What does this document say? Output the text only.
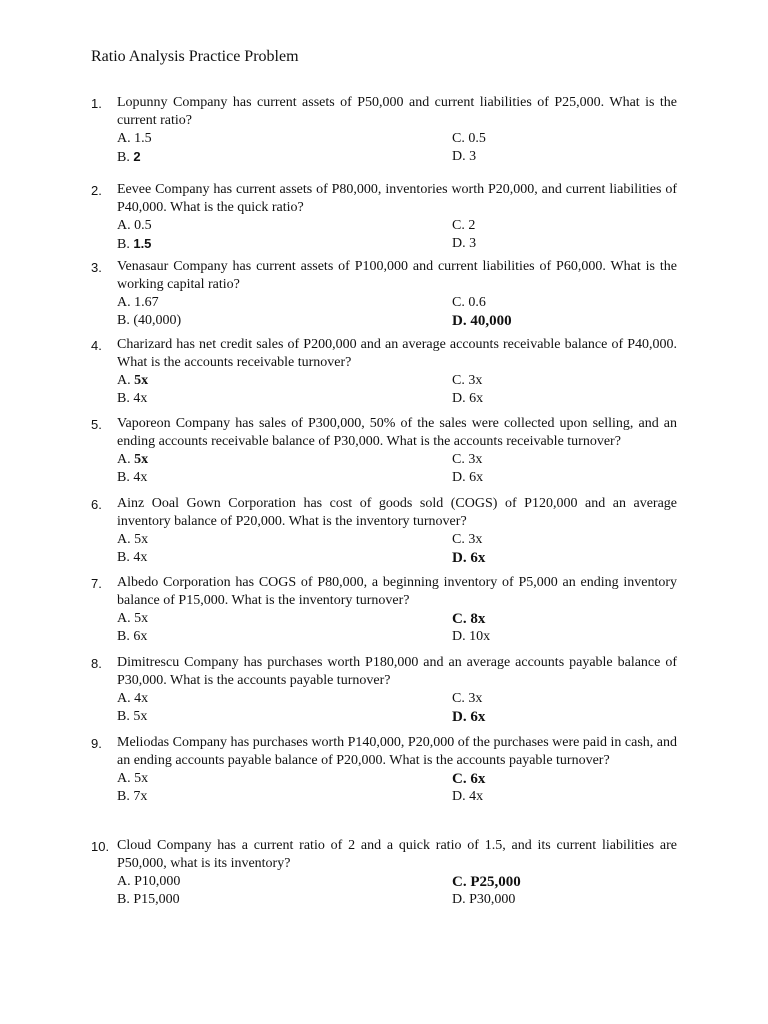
Ratio Analysis Practice Problem
1.	Lopunny Company has current assets of P50,000 and current liabilities of P25,000. What is the current ratio?
A. 1.5
B. 2
C. 0.5
D. 3
2.	Eevee Company has current assets of P80,000, inventories worth P20,000, and current liabilities of P40,000. What is the quick ratio?
A. 0.5
B. 1.5
C. 2
D. 3
3.	Venasaur Company has current assets of P100,000 and current liabilities of P60,000. What is the working capital ratio?
A. 1.67
B. (40,000)
C. 0.6
D. 40,000
4.	Charizard has net credit sales of P200,000 and an average accounts receivable balance of P40,000. What is the accounts receivable turnover?
A. 5x
B. 4x
C. 3x
D. 6x
5.	Vaporeon Company has sales of P300,000, 50% of the sales were collected upon selling, and an ending accounts receivable balance of P30,000. What is the accounts receivable turnover?
A. 5x
B. 4x
C. 3x
D. 6x
6.	Ainz Ooal Gown Corporation has cost of goods sold (COGS) of P120,000 and an average inventory balance of P20,000. What is the inventory turnover?
A. 5x
B. 4x
C. 3x
D. 6x
7.	Albedo Corporation has COGS of P80,000, a beginning inventory of P5,000 an ending inventory balance of P15,000. What is the inventory turnover?
A. 5x
B. 6x
C. 8x
D. 10x
8.	Dimitrescu Company has purchases worth P180,000 and an average accounts payable balance of P30,000. What is the accounts payable turnover?
A. 4x
B. 5x
C. 3x
D. 6x
9.	Meliodas Company has purchases worth P140,000, P20,000 of the purchases were paid in cash, and an ending accounts payable balance of P20,000. What is the accounts payable turnover?
A. 5x
B. 7x
C. 6x
D. 4x
10. Cloud Company has a current ratio of 2 and a quick ratio of 1.5, and its current liabilities are P50,000, what is its inventory?
A. P10,000
B. P15,000
C. P25,000
D. P30,000
